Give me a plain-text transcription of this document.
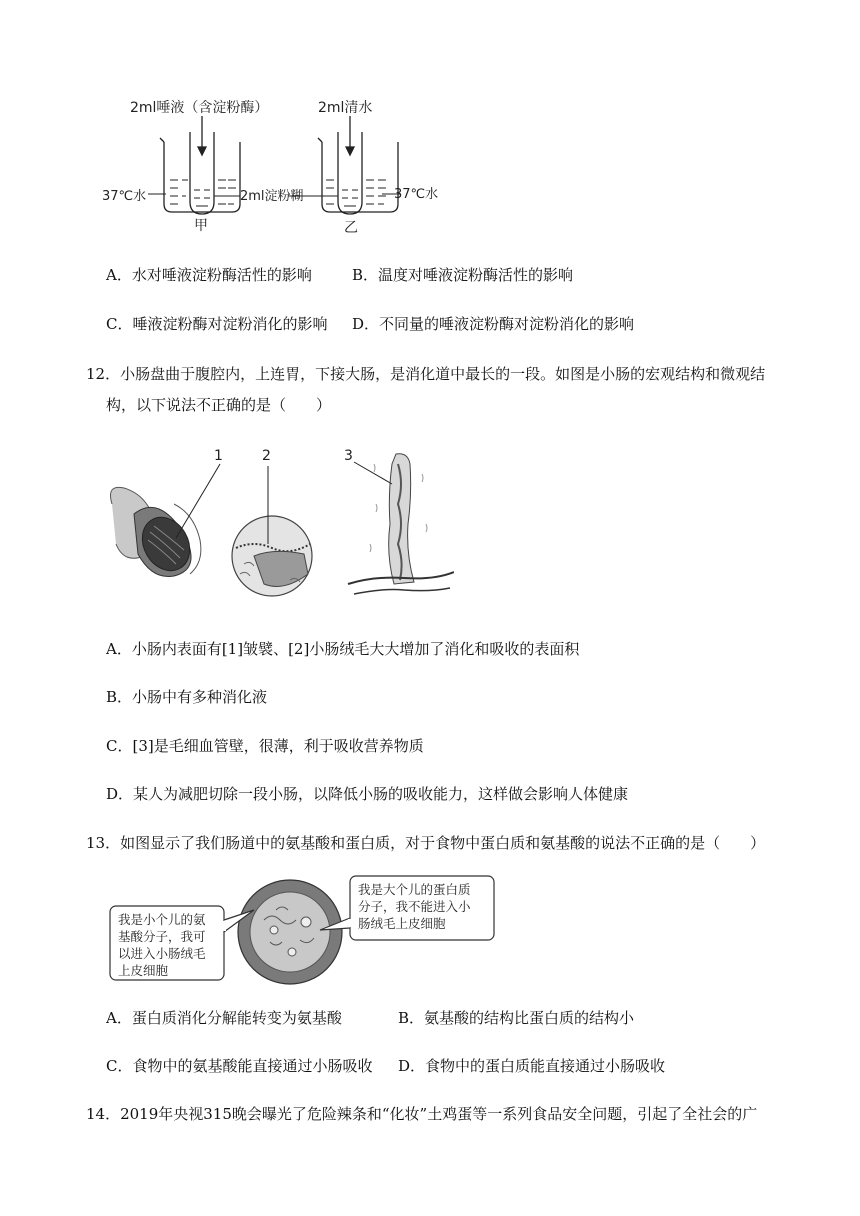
2ml唾液（含淀粉酶）	2ml清水
37℃水	2ml淀粉糊	37℃水
甲	乙
A．水对唾液淀粉酶活性的影响	B．温度对唾液淀粉酶活性的影响
C．唾液淀粉酶对淀粉消化的影响 D．不同量的唾液淀粉酶对淀粉消化的影响
12．小肠盘曲于腹腔内，上连胃，下接大肠，是消化道中最长的一段。如图是小肠的宏观结构和微观结
构，以下说法不正确的是（　　）
1	2	3
A．小肠内表面有[1]皱襞、[2]小肠绒毛大大增加了消化和吸收的表面积
B．小肠中有多种消化液
C．[3]是毛细血管壁，很薄，利于吸收营养物质
D．某人为减肥切除一段小肠，以降低小肠的吸收能力，这样做会影响人体健康
13．如图显示了我们肠道中的氨基酸和蛋白质，对于食物中蛋白质和氨基酸的说法不正确的是（　　）
我是小个儿的氨 基酸分子，我可 以进入小肠绒毛 上皮细胞
我是大个儿的蛋白质 分子，我不能进入小 肠绒毛上皮细胞
A．蛋白质消化分解能转变为氨基酸	B．氨基酸的结构比蛋白质的结构小
C．食物中的氨基酸能直接通过小肠吸收 D．食物中的蛋白质能直接通过小肠吸收
14．2019年央视315晚会曝光了危险辣条和“化妆”土鸡蛋等一系列食品安全问题，引起了全社会的广
